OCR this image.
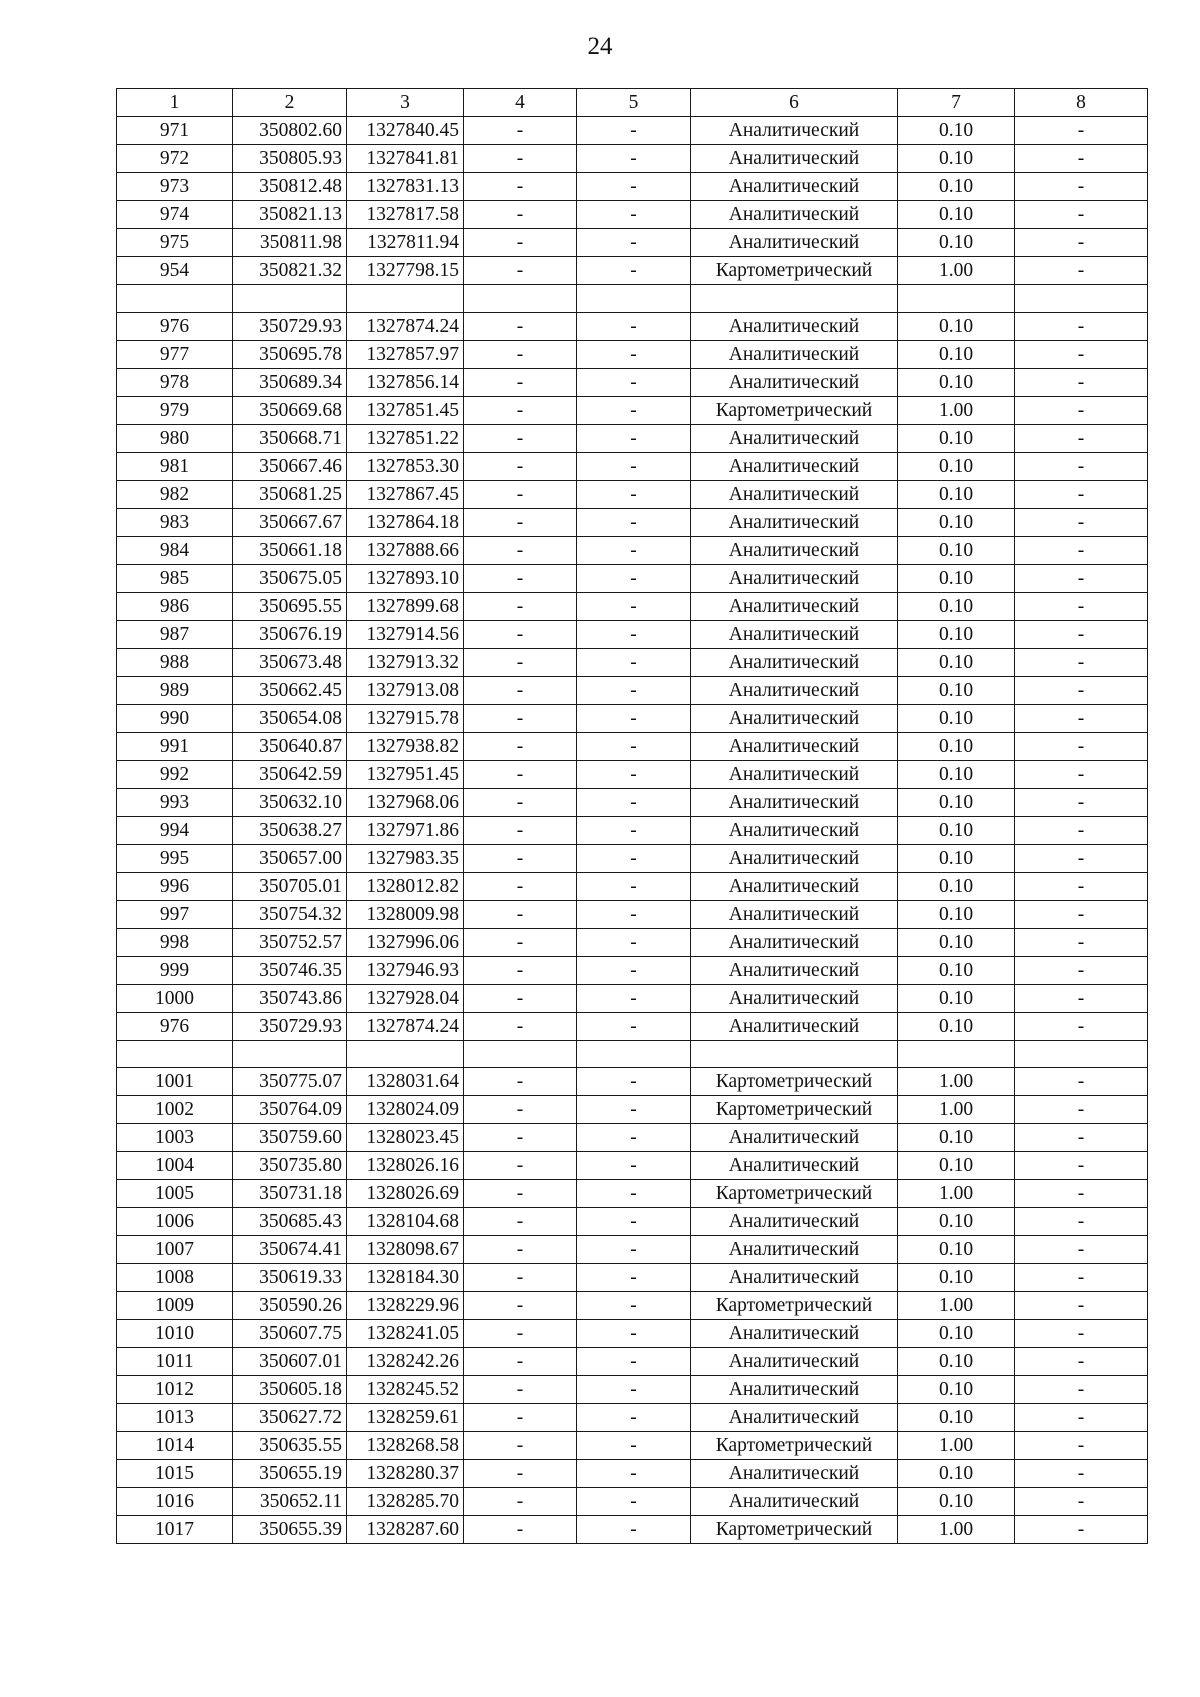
24
1	2	3	4	5	6	7	8
971	350802.60	1327840.45	-	-	Аналитический	0.10	-
972	350805.93	1327841.81	-	-	Аналитический	0.10	-
973	350812.48	1327831.13	-	-	Аналитический	0.10	-
974	350821.13	1327817.58	-	-	Аналитический	0.10	-
975	350811.98	1327811.94	-	-	Аналитический	0.10	-
954	350821.32	1327798.15	-	-	Картометрический	1.00	-

976	350729.93	1327874.24	-	-	Аналитический	0.10	-
977	350695.78	1327857.97	-	-	Аналитический	0.10	-
978	350689.34	1327856.14	-	-	Аналитический	0.10	-
979	350669.68	1327851.45	-	-	Картометрический	1.00	-
980	350668.71	1327851.22	-	-	Аналитический	0.10	-
981	350667.46	1327853.30	-	-	Аналитический	0.10	-
982	350681.25	1327867.45	-	-	Аналитический	0.10	-
983	350667.67	1327864.18	-	-	Аналитический	0.10	-
984	350661.18	1327888.66	-	-	Аналитический	0.10	-
985	350675.05	1327893.10	-	-	Аналитический	0.10	-
986	350695.55	1327899.68	-	-	Аналитический	0.10	-
987	350676.19	1327914.56	-	-	Аналитический	0.10	-
988	350673.48	1327913.32	-	-	Аналитический	0.10	-
989	350662.45	1327913.08	-	-	Аналитический	0.10	-
990	350654.08	1327915.78	-	-	Аналитический	0.10	-
991	350640.87	1327938.82	-	-	Аналитический	0.10	-
992	350642.59	1327951.45	-	-	Аналитический	0.10	-
993	350632.10	1327968.06	-	-	Аналитический	0.10	-
994	350638.27	1327971.86	-	-	Аналитический	0.10	-
995	350657.00	1327983.35	-	-	Аналитический	0.10	-
996	350705.01	1328012.82	-	-	Аналитический	0.10	-
997	350754.32	1328009.98	-	-	Аналитический	0.10	-
998	350752.57	1327996.06	-	-	Аналитический	0.10	-
999	350746.35	1327946.93	-	-	Аналитический	0.10	-
1000	350743.86	1327928.04	-	-	Аналитический	0.10	-
976	350729.93	1327874.24	-	-	Аналитический	0.10	-

1001	350775.07	1328031.64	-	-	Картометрический	1.00	-
1002	350764.09	1328024.09	-	-	Картометрический	1.00	-
1003	350759.60	1328023.45	-	-	Аналитический	0.10	-
1004	350735.80	1328026.16	-	-	Аналитический	0.10	-
1005	350731.18	1328026.69	-	-	Картометрический	1.00	-
1006	350685.43	1328104.68	-	-	Аналитический	0.10	-
1007	350674.41	1328098.67	-	-	Аналитический	0.10	-
1008	350619.33	1328184.30	-	-	Аналитический	0.10	-
1009	350590.26	1328229.96	-	-	Картометрический	1.00	-
1010	350607.75	1328241.05	-	-	Аналитический	0.10	-
1011	350607.01	1328242.26	-	-	Аналитический	0.10	-
1012	350605.18	1328245.52	-	-	Аналитический	0.10	-
1013	350627.72	1328259.61	-	-	Аналитический	0.10	-
1014	350635.55	1328268.58	-	-	Картометрический	1.00	-
1015	350655.19	1328280.37	-	-	Аналитический	0.10	-
1016	350652.11	1328285.70	-	-	Аналитический	0.10	-
1017	350655.39	1328287.60	-	-	Картометрический	1.00	-
